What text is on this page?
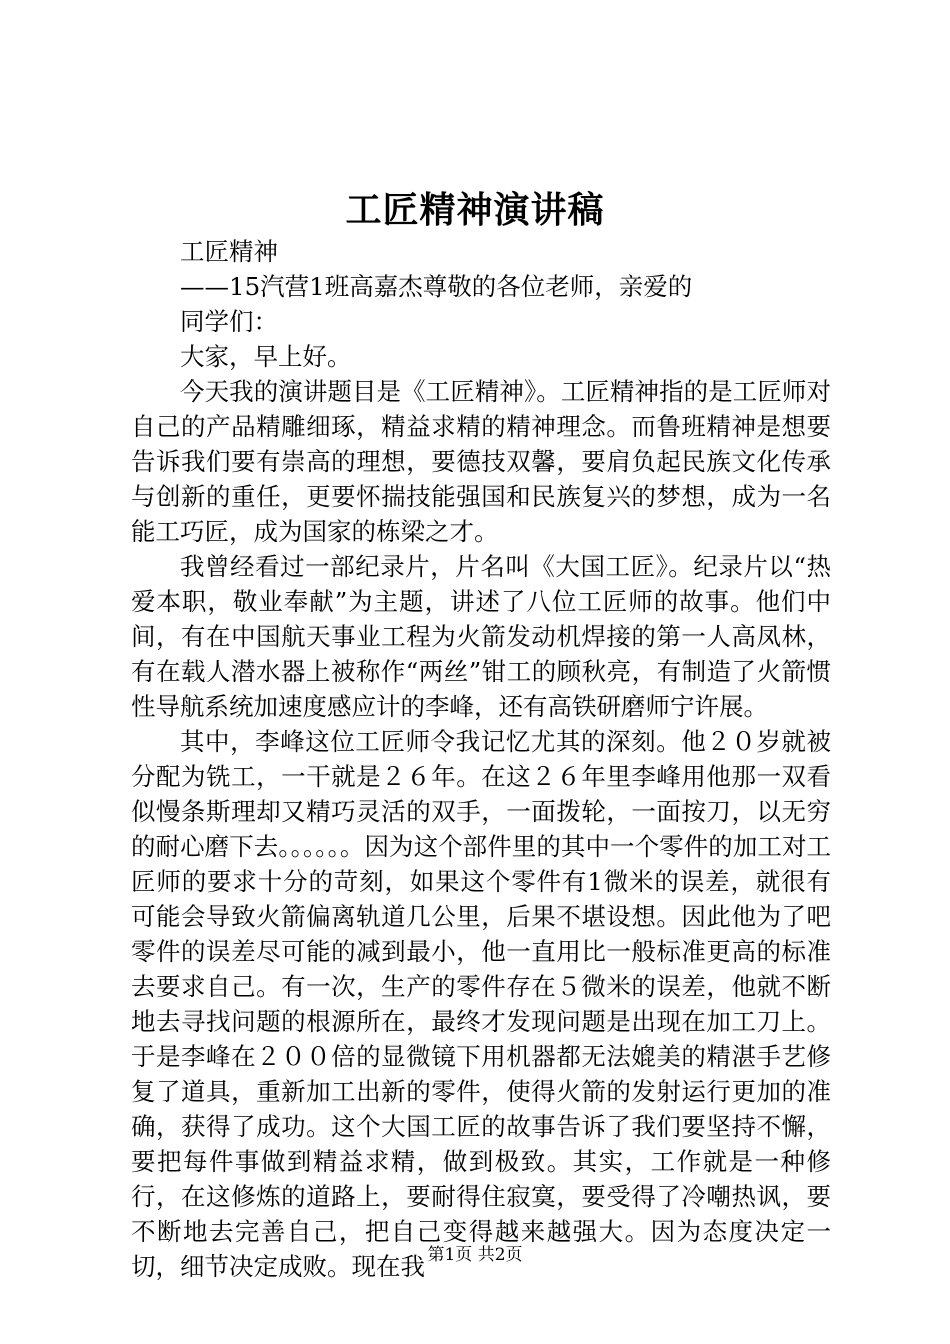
工匠精神演讲稿

工匠精神

——15汽营1班高嘉杰尊敬的各位老师，亲爱的

同学们：

大家，早上好。

今天我的演讲题目是《工匠精神》。工匠精神指的是工匠师对自己的产品精雕细琢，精益求精的精神理念。而鲁班精神是想要告诉我们要有崇高的理想，要德技双馨，要肩负起民族文化传承与创新的重任，更要怀揣技能强国和民族复兴的梦想，成为一名能工巧匠，成为国家的栋梁之才。

我曾经看过一部纪录片，片名叫《大国工匠》。纪录片以“热爱本职，敬业奉献”为主题，讲述了八位工匠师的故事。他们中间，有在中国航天事业工程为火箭发动机焊接的第一人高凤林，有在载人潜水器上被称作“两丝”钳工的顾秋亮，有制造了火箭惯性导航系统加速度感应计的李峰，还有高铁研磨师宁许展。

其中，李峰这位工匠师令我记忆尤其的深刻。他２０岁就被分配为铣工，一干就是２６年。在这２６年里李峰用他那一双看似慢条斯理却又精巧灵活的双手，一面拨轮，一面按刀，以无穷的耐心磨下去。。。。。。因为这个部件里的其中一个零件的加工对工匠师的要求十分的苛刻，如果这个零件有1微米的误差，就很有可能会导致火箭偏离轨道几公里，后果不堪设想。因此他为了吧零件的误差尽可能的减到最小，他一直用比一般标准更高的标准去要求自己。有一次，生产的零件存在５微米的误差，他就不断地去寻找问题的根源所在，最终才发现问题是出现在加工刀上。于是李峰在２００倍的显微镜下用机器都无法媲美的精湛手艺修复了道具，重新加工出新的零件，使得火箭的发射运行更加的准确，获得了成功。这个大国工匠的故事告诉了我们要坚持不懈，要把每件事做到精益求精，做到极致。其实，工作就是一种修行，在这修炼的道路上，要耐得住寂寞，要受得了冷嘲热讽，要不断地去完善自己，把自己变得越来越强大。因为态度决定一切，细节决定成败。现在我 第1页 共2页
